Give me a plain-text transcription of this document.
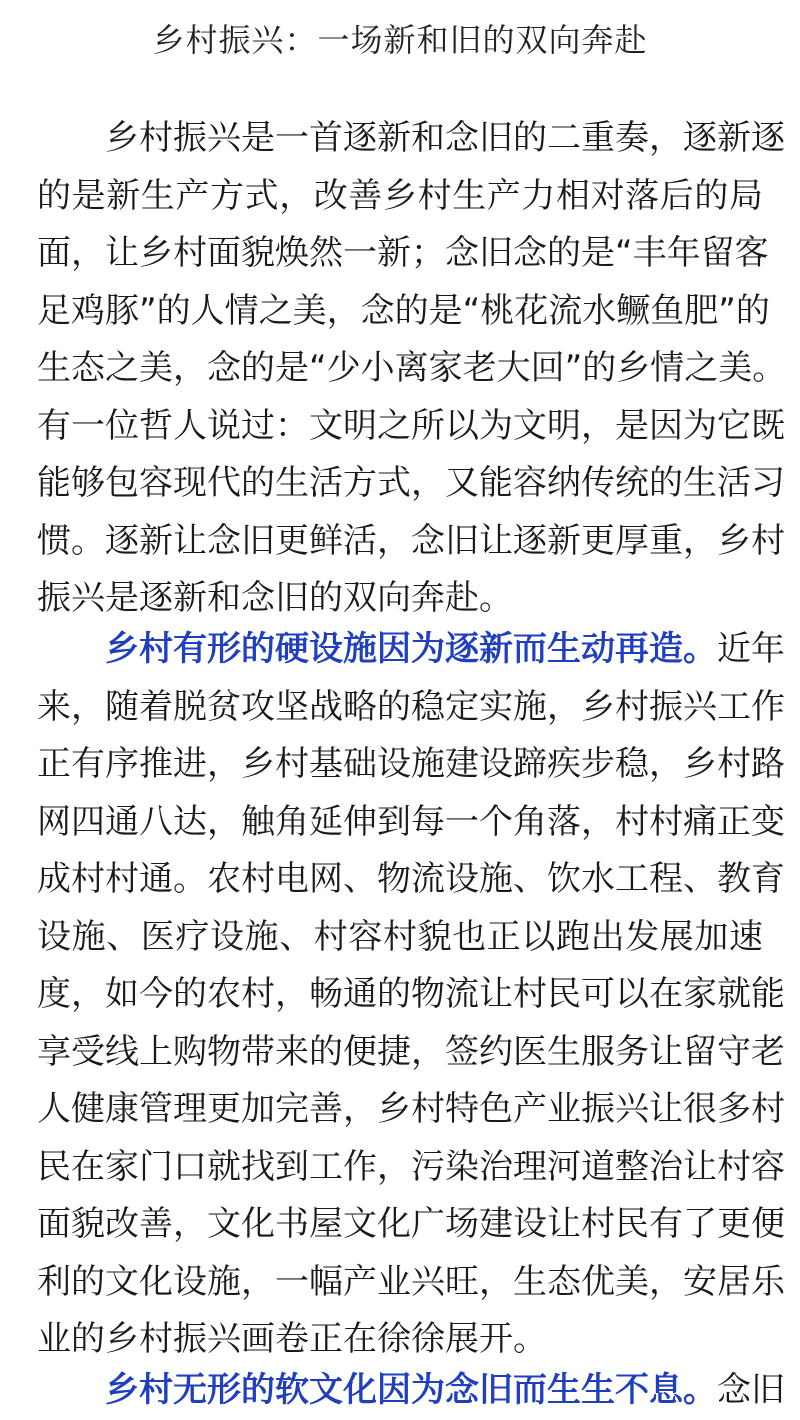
乡村振兴：一场新和旧的双向奔赴
乡村振兴是一首逐新和念旧的二重奏，逐新逐
的是新生产方式，改善乡村生产力相对落后的局
面，让乡村面貌焕然一新；念旧念的是“丰年留客
足鸡豚”的人情之美，念的是“桃花流水鳜鱼肥”的
生态之美，念的是“少小离家老大回”的乡情之美。
有一位哲人说过：文明之所以为文明，是因为它既
能够包容现代的生活方式，又能容纳传统的生活习
惯。逐新让念旧更鲜活，念旧让逐新更厚重，乡村
振兴是逐新和念旧的双向奔赴。
乡村有形的硬设施因为逐新而生动再造。近年
来，随着脱贫攻坚战略的稳定实施，乡村振兴工作
正有序推进，乡村基础设施建设蹄疾步稳，乡村路
网四通八达，触角延伸到每一个角落，村村痛正变
成村村通。农村电网、物流设施、饮水工程、教育
设施、医疗设施、村容村貌也正以跑出发展加速
度，如今的农村，畅通的物流让村民可以在家就能
享受线上购物带来的便捷，签约医生服务让留守老
人健康管理更加完善，乡村特色产业振兴让很多村
民在家门口就找到工作，污染治理河道整治让村容
面貌改善，文化书屋文化广场建设让村民有了更便
利的文化设施，一幅产业兴旺，生态优美，安居乐
业的乡村振兴画卷正在徐徐展开。
乡村无形的软文化因为念旧而生生不息。念旧
